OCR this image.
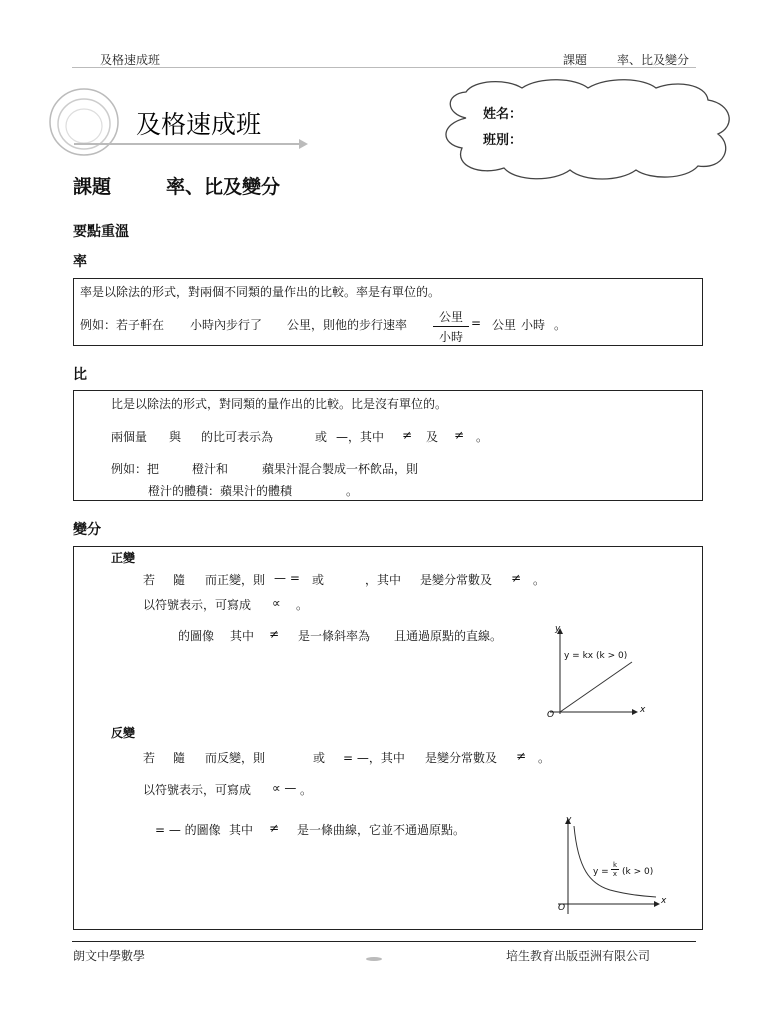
及格速成班	課題 率、比及變分
及格速成班	姓名：
班別：
課題	率、比及變分
要點重溫
率
率是以除法的形式，對兩個不同類的量作出的比較。率是有單位的。
例如：若子軒在 小時內步行了 公里，則他的步行速率
公里
小時
= 公里 小時 。
比
比是以除法的形式，對同類的量作出的比較。比是沒有單位的。
兩個量 與 的比可表示為	或 —，其中 ≠ 及 ≠ 。
例如：把	橙汁和	蘋果汁混合製成一杯飲品，則
橙汁的體積：蘋果汁的體積	。
變分
正變
若 隨 而正變，則 — = 或	，其中 是變分常數及 ≠ 。
以符號表示，可寫成 ∝ 。
的圖像 其中 ≠ 是一條斜率為 且通過原點的直線。	y
x
O
y = kx (k > 0)
反變
若 隨 而反變，則	或 = —，其中 是變分常數及 ≠ 。
以符號表示，可寫成 ∝ — 。
= — 的圖像 其中 ≠ 是一條曲線，它並不通過原點。
y
x
O
y =
k
x (k > 0)
朗文中學數學	培生教育出版亞洲有限公司
